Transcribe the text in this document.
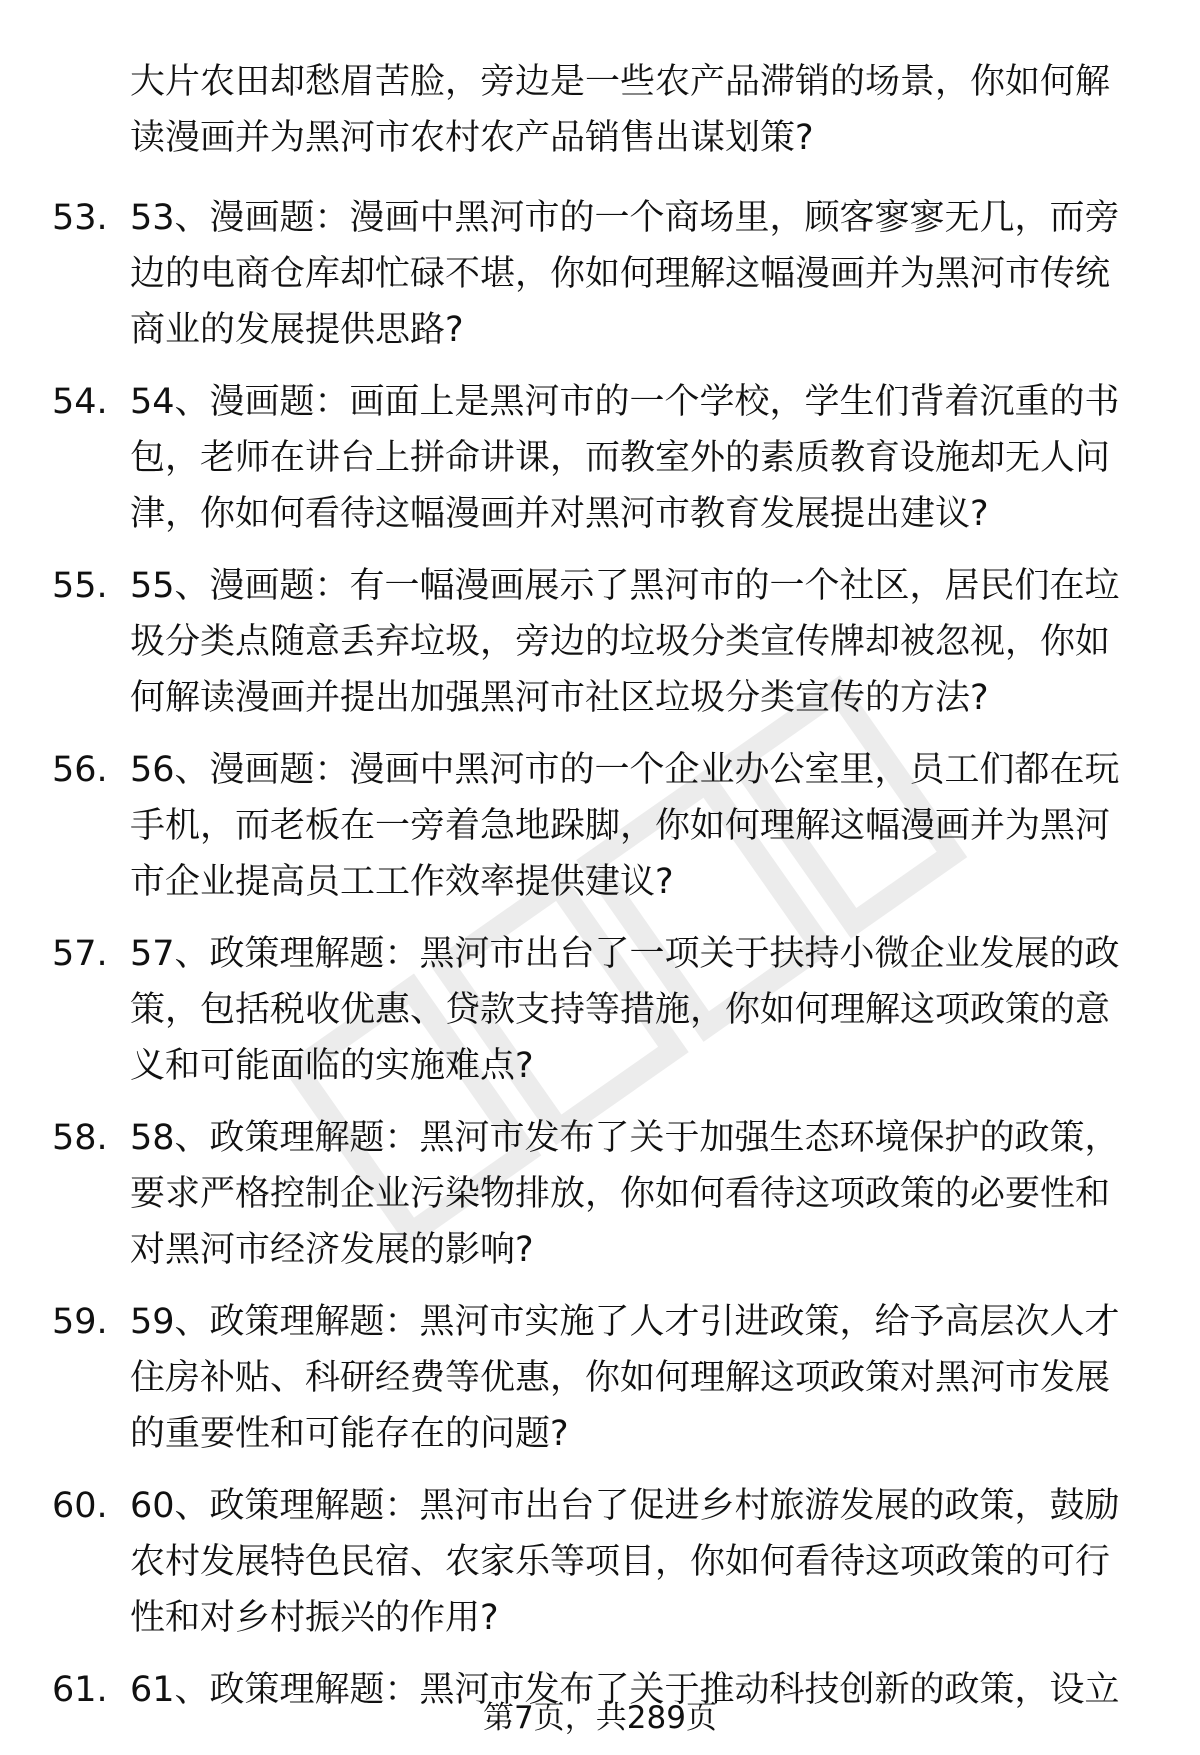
大片农田却愁眉苦脸，旁边是一些农产品滞销的场景，你如何解读漫画并为黑河市农村农产品销售出谋划策?

53. 53、漫画题：漫画中黑河市的一个商场里，顾客寥寥无几，而旁边的电商仓库却忙碌不堪，你如何理解这幅漫画并为黑河市传统商业的发展提供思路?

54. 54、漫画题：画面上是黑河市的一个学校，学生们背着沉重的书包，老师在讲台上拼命讲课，而教室外的素质教育设施却无人问津，你如何看待这幅漫画并对黑河市教育发展提出建议?

55. 55、漫画题：有一幅漫画展示了黑河市的一个社区，居民们在垃圾分类点随意丢弃垃圾，旁边的垃圾分类宣传牌却被忽视，你如何解读漫画并提出加强黑河市社区垃圾分类宣传的方法?

56. 56、漫画题：漫画中黑河市的一个企业办公室里，员工们都在玩手机，而老板在一旁着急地跺脚，你如何理解这幅漫画并为黑河市企业提高员工工作效率提供建议?

57. 57、政策理解题：黑河市出台了一项关于扶持小微企业发展的政策，包括税收优惠、贷款支持等措施，你如何理解这项政策的意义和可能面临的实施难点?

58. 58、政策理解题：黑河市发布了关于加强生态环境保护的政策，要求严格控制企业污染物排放，你如何看待这项政策的必要性和对黑河市经济发展的影响?

59. 59、政策理解题：黑河市实施了人才引进政策，给予高层次人才住房补贴、科研经费等优惠，你如何理解这项政策对黑河市发展的重要性和可能存在的问题?

60. 60、政策理解题：黑河市出台了促进乡村旅游发展的政策，鼓励农村发展特色民宿、农家乐等项目，你如何看待这项政策的可行性和对乡村振兴的作用?

61. 61、政策理解题：黑河市发布了关于推动科技创新的政策，设立

第7页，共289页
